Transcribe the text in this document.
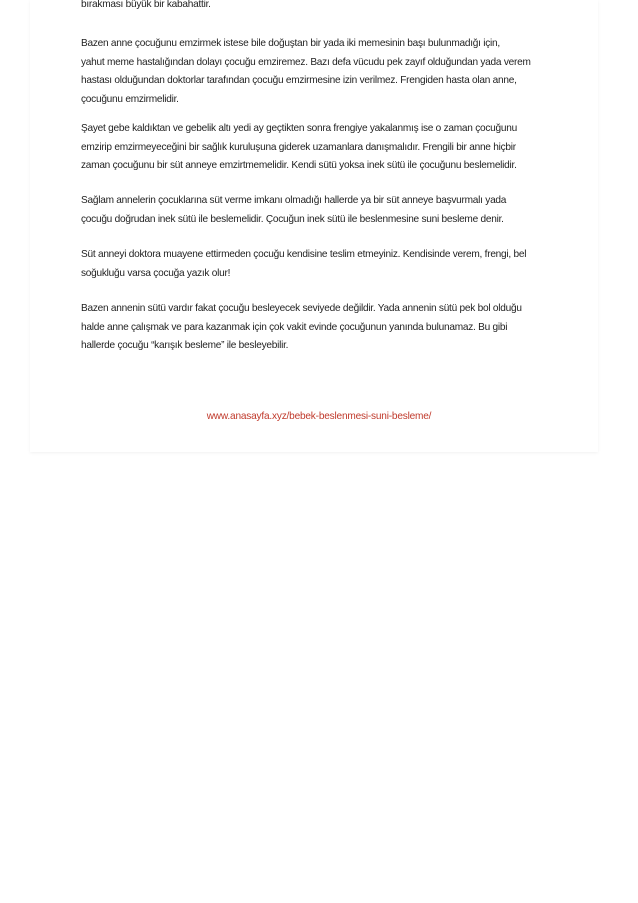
bırakması büyük bir kabahattir.

Bazen anne çocuğunu emzirmek istese bile doğuştan bir yada iki memesinin başı bulunmadığı için,
yahut meme hastalığından dolayı çocuğu emziremez. Bazı defa vücudu pek zayıf olduğundan yada verem
hastası olduğundan doktorlar tarafından çocuğu emzirmesine izin verilmez. Frengiden hasta olan anne,
çocuğunu emzirmelidir.

Şayet gebe kaldıktan ve gebelik altı yedi ay geçtikten sonra frengiye yakalanmış ise o zaman çocuğunu
emzirip emzirmeyeceğini bir sağlık kuruluşuna giderek uzamanlara danışmalıdır. Frengili bir anne hiçbir
zaman çocuğunu bir süt anneye emzirtmemelidir. Kendi sütü yoksa inek sütü ile çocuğunu beslemelidir.

Sağlam annelerin çocuklarına süt verme imkanı olmadığı hallerde ya bir süt anneye başvurmalı yada
çocuğu doğrudan inek sütü ile beslemelidir. Çocuğun inek sütü ile beslenmesine suni besleme denir.

Süt anneyi doktora muayene ettirmeden çocuğu kendisine teslim etmeyiniz. Kendisinde verem, frengi, bel
soğukluğu varsa çocuğa yazık olur!

Bazen annenin sütü vardır fakat çocuğu besleyecek seviyede değildir. Yada annenin sütü pek bol olduğu
halde anne çalışmak ve para kazanmak için çok vakit evinde çocuğunun yanında bulunamaz. Bu gibi
hallerde çocuğu “karışık besleme” ile besleyebilir.

www.anasayfa.xyz/bebek-beslenmesi-suni-besleme/
